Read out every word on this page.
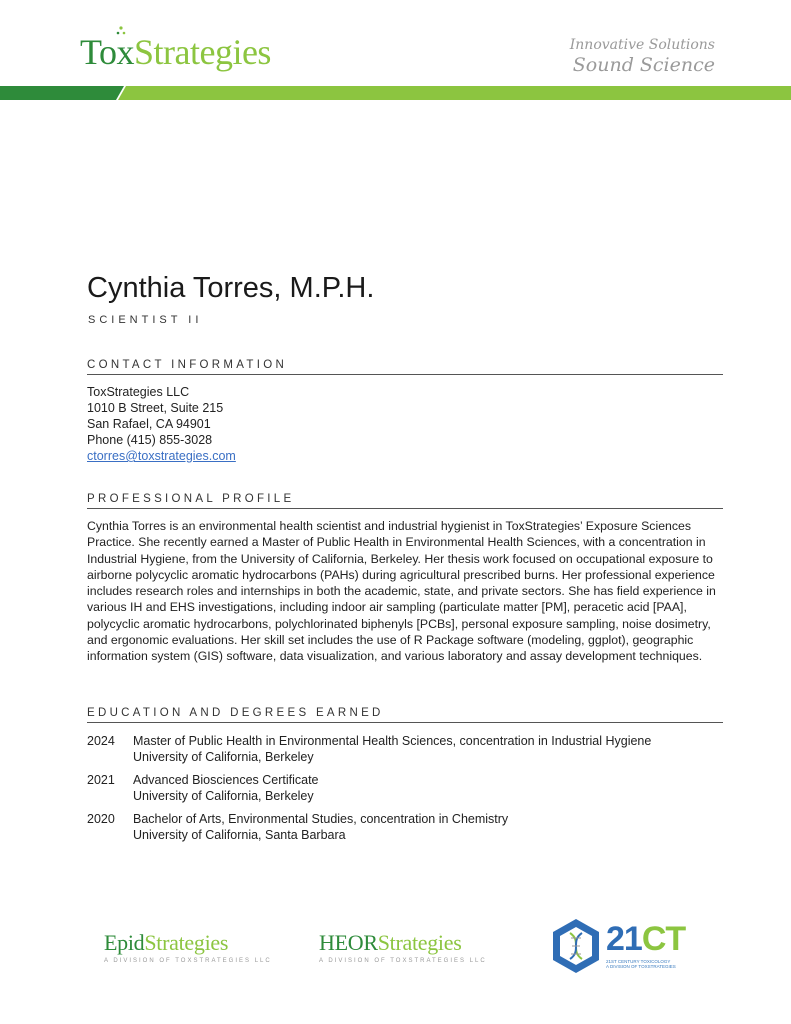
ToxStrategies	Innovative Solutions
Sound Science
Cynthia Torres, M.P.H.
SCIENTIST II
CONTACT INFORMATION
ToxStrategies LLC
1010 B Street, Suite 215
San Rafael, CA 94901
Phone (415) 855-3028
ctorres@toxstrategies.com
PROFESSIONAL PROFILE

Cynthia Torres is an environmental health scientist and industrial hygienist in ToxStrategies’ Exposure Sciences Practice. She recently earned a Master of Public Health in Environmental Health Sciences, with a concentration in Industrial Hygiene, from the University of California, Berkeley. Her thesis work focused on occupational exposure to airborne polycyclic aromatic hydrocarbons (PAHs) during agricultural prescribed burns. Her professional experience includes research roles and internships in both the academic, state, and private sectors. She has field experience in various IH and EHS investigations, including indoor air sampling (particulate matter [PM], peracetic acid [PAA], polycyclic aromatic hydrocarbons, polychlorinated biphenyls [PCBs], personal exposure sampling, noise dosimetry, and ergonomic evaluations. Her skill set includes the use of R Package software (modeling, ggplot), geographic information system (GIS) software, data visualization, and various laboratory and assay development techniques.

EDUCATION AND DEGREES EARNED
2024	Master of Public Health in Environmental Health Sciences, concentration in Industrial Hygiene
University of California, Berkeley
2021	Advanced Biosciences Certificate
University of California, Berkeley
2020	Bachelor of Arts, Environmental Studies, concentration in Chemistry
University of California, Santa Barbara
EpidStrategies
A DIVISION OF TOXSTRATEGIES LLC
HEORStrategies
A DIVISION OF TOXSTRATEGIES LLC
21CT
21ST CENTURY TOXICOLOGY
A DIVISION OF TOXSTRATEGIES
